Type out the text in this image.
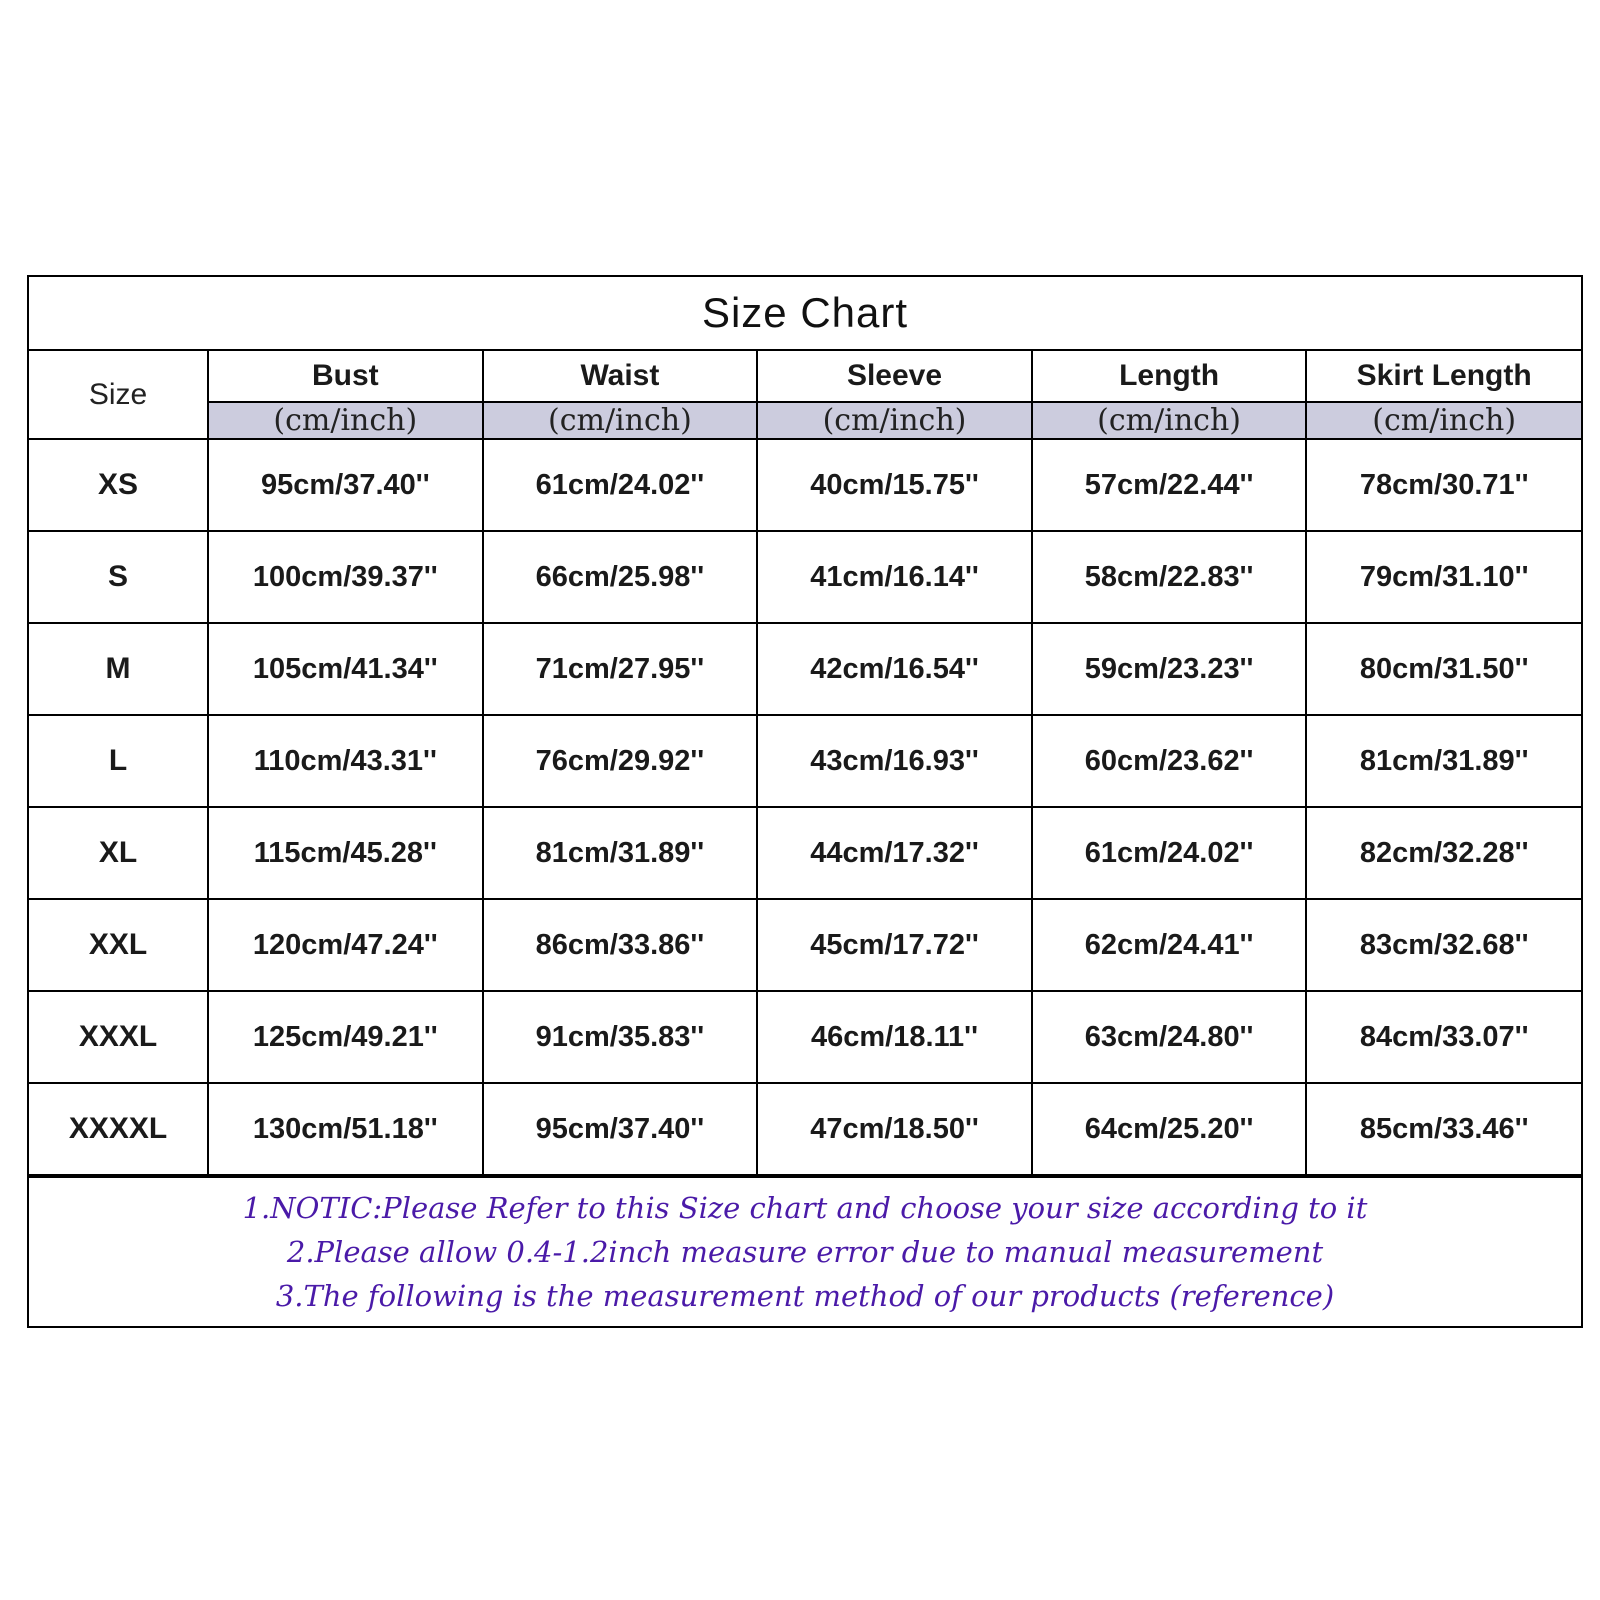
Size Chart
Size	Bust	Waist	Sleeve	Length	Skirt Length
	(cm/inch)	(cm/inch)	(cm/inch)	(cm/inch)	(cm/inch)
XS	95cm/37.40''	61cm/24.02''	40cm/15.75''	57cm/22.44''	78cm/30.71''
S	100cm/39.37''	66cm/25.98''	41cm/16.14''	58cm/22.83''	79cm/31.10''
M	105cm/41.34''	71cm/27.95''	42cm/16.54''	59cm/23.23''	80cm/31.50''
L	110cm/43.31''	76cm/29.92''	43cm/16.93''	60cm/23.62''	81cm/31.89''
XL	115cm/45.28''	81cm/31.89''	44cm/17.32''	61cm/24.02''	82cm/32.28''
XXL	120cm/47.24''	86cm/33.86''	45cm/17.72''	62cm/24.41''	83cm/32.68''
XXXL	125cm/49.21''	91cm/35.83''	46cm/18.11''	63cm/24.80''	84cm/33.07''
XXXXL	130cm/51.18''	95cm/37.40''	47cm/18.50''	64cm/25.20''	85cm/33.46''
1.NOTIC:Please Refer to this Size chart and choose your size according to it
2.Please allow 0.4-1.2inch measure error due to manual measurement
3.The following is the measurement method of our products (reference)
